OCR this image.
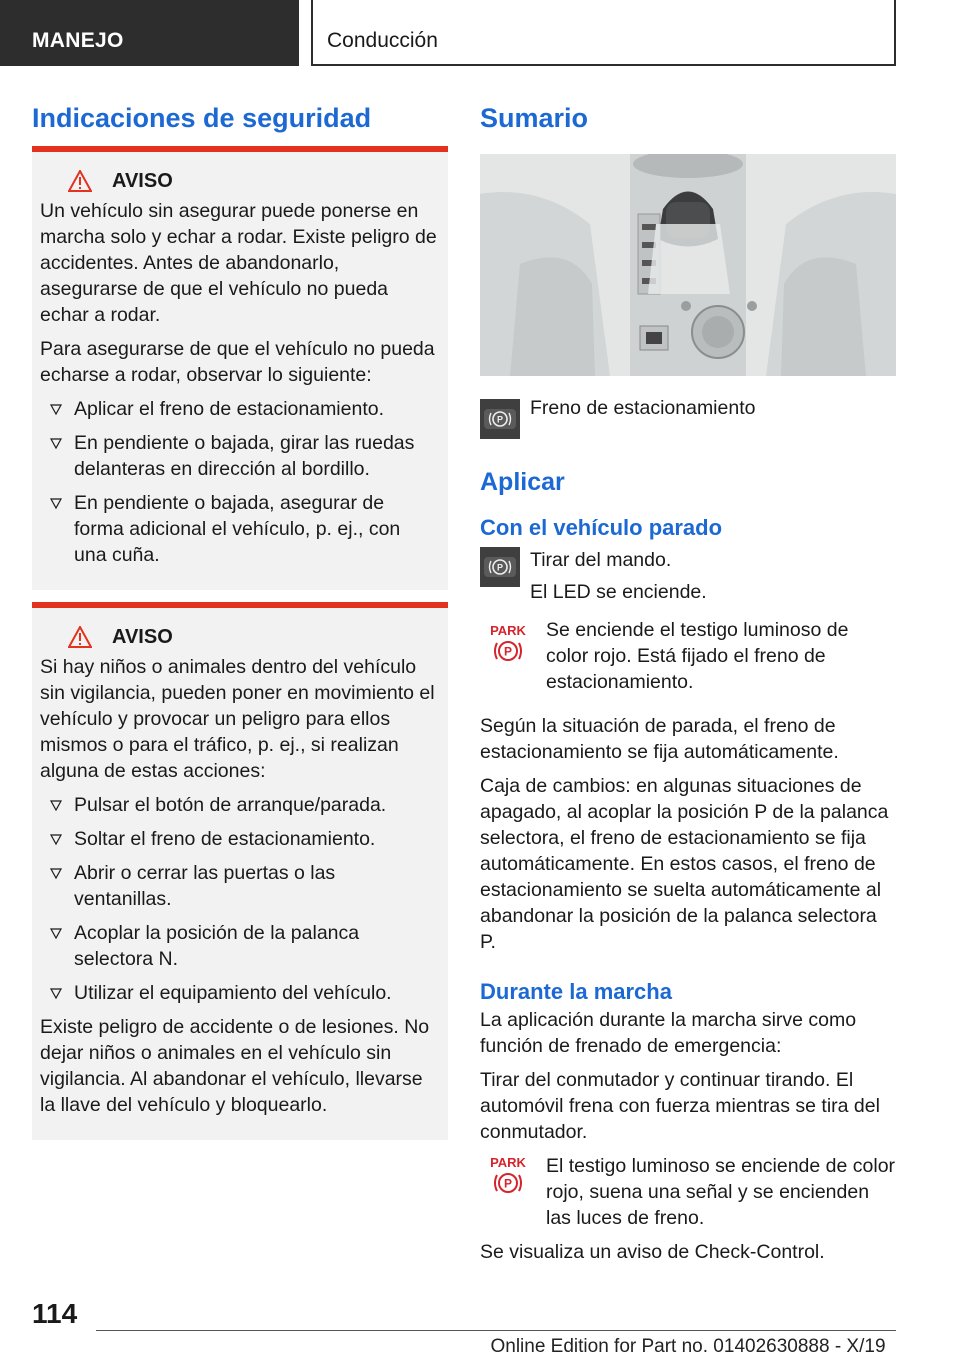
MANEJO	Conducción
Indicaciones de seguridad
AVISO
Un vehículo sin asegurar puede ponerse en marcha solo y echar a rodar. Existe peligro de accidentes. Antes de abandonarlo, asegurarse de que el vehículo no pueda echar a rodar.
Para asegurarse de que el vehículo no pueda echarse a rodar, observar lo siguiente:
Aplicar el freno de estacionamiento.
En pendiente o bajada, girar las ruedas delanteras en dirección al bordillo.
En pendiente o bajada, asegurar de forma adicional el vehículo, p. ej., con una cuña.
AVISO
Si hay niños o animales dentro del vehículo sin vigilancia, pueden poner en movimiento el vehículo y provocar un peligro para ellos mismos o para el tráfico, p. ej., si realizan alguna de estas acciones:
Pulsar el botón de arranque/parada.
Soltar el freno de estacionamiento.
Abrir o cerrar las puertas o las ventanillas.
Acoplar la posición de la palanca selectora N.
Utilizar el equipamiento del vehículo.
Existe peligro de accidente o de lesiones. No dejar niños o animales en el vehículo sin vigilancia. Al abandonar el vehículo, llevarse la llave del vehículo y bloquearlo.
Sumario
P
Freno de estacionamiento
Aplicar
Con el vehículo parado
P Tirar del mando.
El LED se enciende.
PARK
P
Se enciende el testigo luminoso de color rojo. Está fijado el freno de estacionamiento.
Según la situación de parada, el freno de estacionamiento se fija automáticamente.
Caja de cambios: en algunas situaciones de apagado, al acoplar la posición P de la palanca selectora, el freno de estacionamiento se fija automáticamente. En estos casos, el freno de estacionamiento se suelta automáticamente al abandonar la posición de la palanca selectora P.
Durante la marcha
La aplicación durante la marcha sirve como función de frenado de emergencia:
Tirar del conmutador y continuar tirando. El automóvil frena con fuerza mientras se tira del conmutador.
PARK
P
El testigo luminoso se enciende de color rojo, suena una señal y se encienden las luces de freno.
Se visualiza un aviso de Check-Control.
114
Online Edition for Part no. 01402630888 - X/19
